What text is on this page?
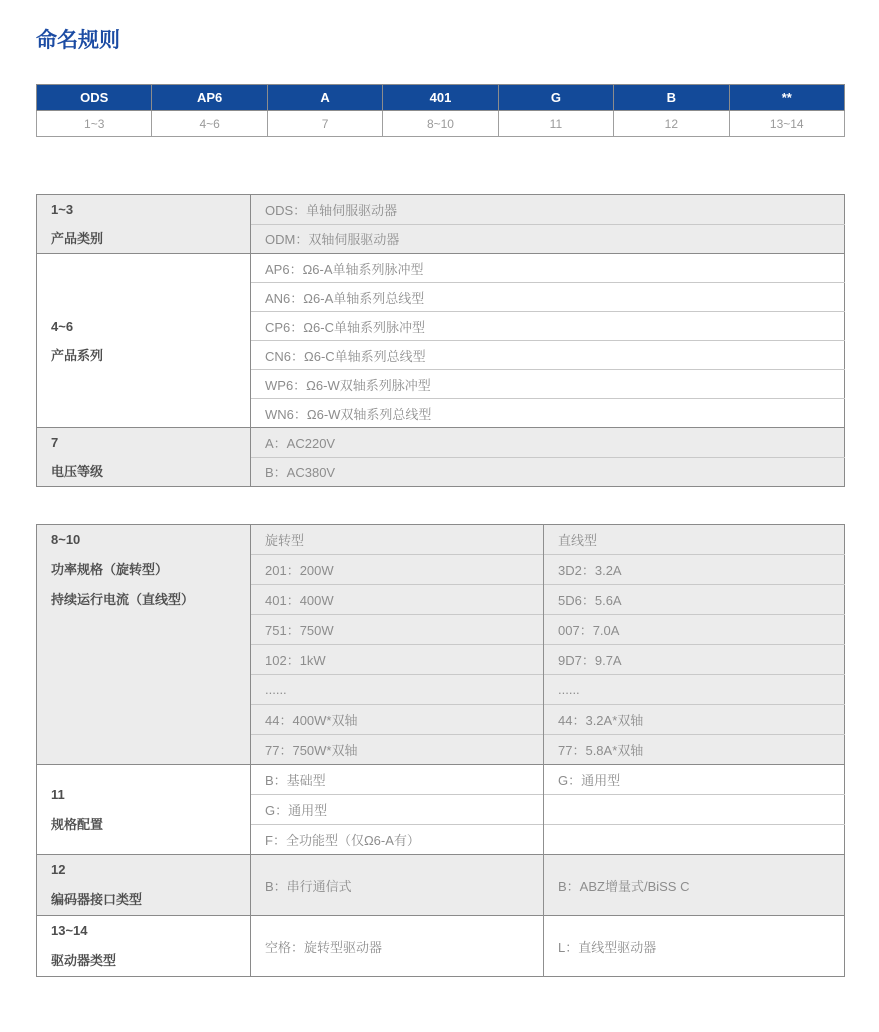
命名规则
ODS	AP6	A	401	G	B	**
1~3	4~6	7	8~10	11	12	13~14
1~3
产品类别	ODS：单轴伺服驱动器
	ODM：双轴伺服驱动器

4~6
产品系列	AP6：Ω6-A单轴系列脉冲型
	AN6：Ω6-A单轴系列总线型
	CP6：Ω6-C单轴系列脉冲型
	CN6：Ω6-C单轴系列总线型
	WP6：Ω6-W双轴系列脉冲型
	WN6：Ω6-W双轴系列总线型

7
电压等级	A：AC220V
	B：AC380V
8~10
功率规格（旋转型）
持续运行电流（直线型）	旋转型	直线型
	201：200W	3D2：3.2A
	401：400W	5D6：5.6A
	751：750W	007：7.0A
	102：1kW	9D7：9.7A
	......	......
	44：400W*双轴	44：3.2A*双轴
	77：750W*双轴	77：5.8A*双轴

11
规格配置	B：基础型	G：通用型
	G：通用型	
	F：全功能型（仅Ω6-A有）	

12
编码器接口类型	B：串行通信式	B：ABZ增量式/BiSS C

13~14
驱动器类型	空格：旋转型驱动器	L：直线型驱动器
